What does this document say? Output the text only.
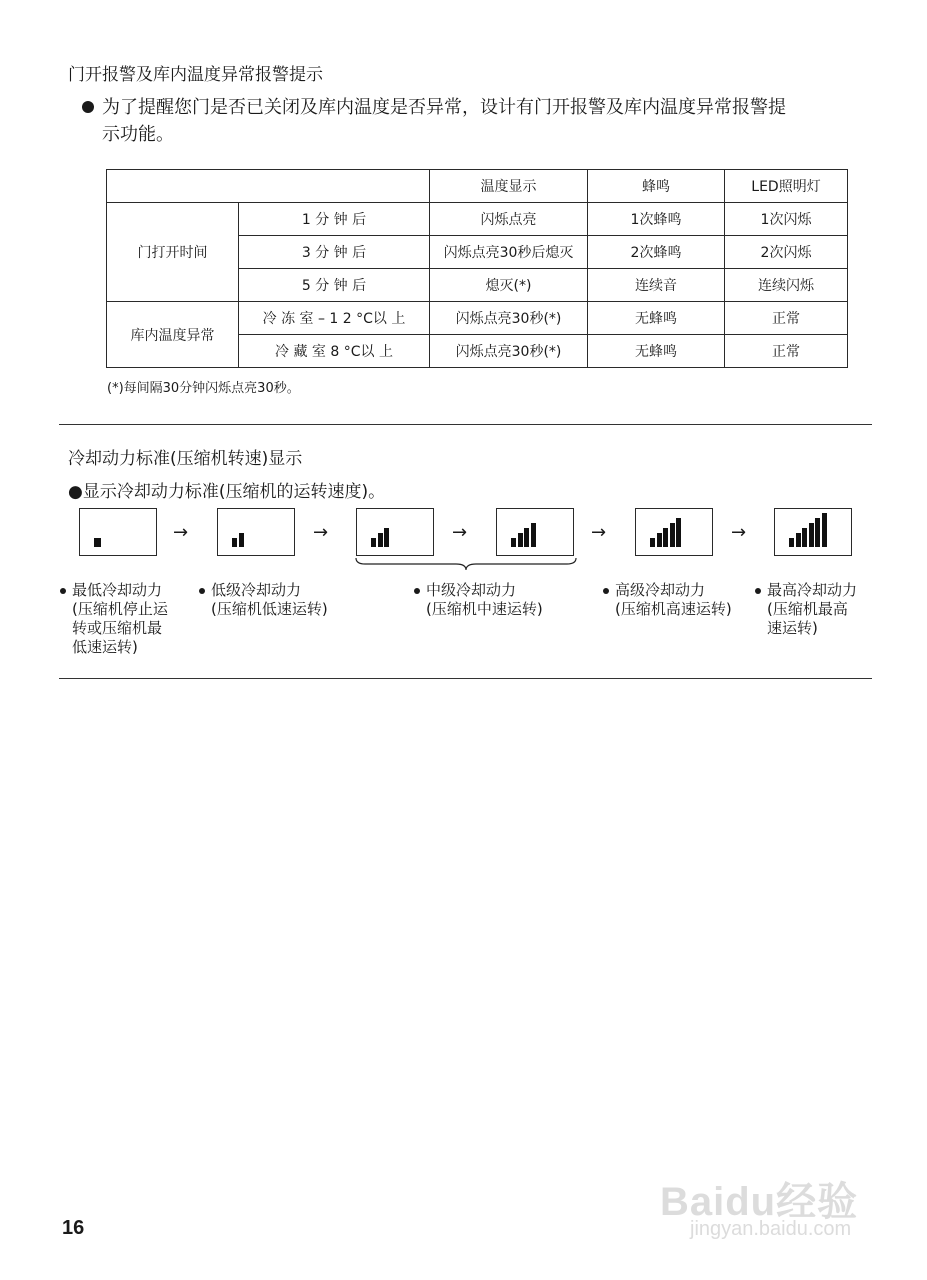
门开报警及库内温度异常报警提示
为了提醒您门是否已关闭及库内温度是否异常，设计有门开报警及库内温度异常报警提
示功能。
		温度显示	蜂鸣	LED照明灯
门打开时间	1 分 钟 后	闪烁点亮	1次蜂鸣	1次闪烁
	3 分 钟 后	闪烁点亮30秒后熄灭	2次蜂鸣	2次闪烁
	5 分 钟 后	熄灭(*)	连续音	连续闪烁
库内温度异常	冷 冻 室 – 1 2 °C以 上	闪烁点亮30秒(*)	无蜂鸣	正常
	冷 藏 室 8 °C以 上	闪烁点亮30秒(*)	无蜂鸣	正常
(*)每间隔30分钟闪烁点亮30秒。
冷却动力标准(压缩机转速)显示
●显示冷却动力标准(压缩机的运转速度)。
→	→	→	→	→
最低冷却动力
(压缩机停止运
转或压缩机最
低速运转)
低级冷却动力
(压缩机低速运转)
中级冷却动力
(压缩机中速运转)
高级冷却动力
(压缩机高速运转)
最高冷却动力
(压缩机最高
速运转)
16
Baidu经验
jingyan.baidu.com
